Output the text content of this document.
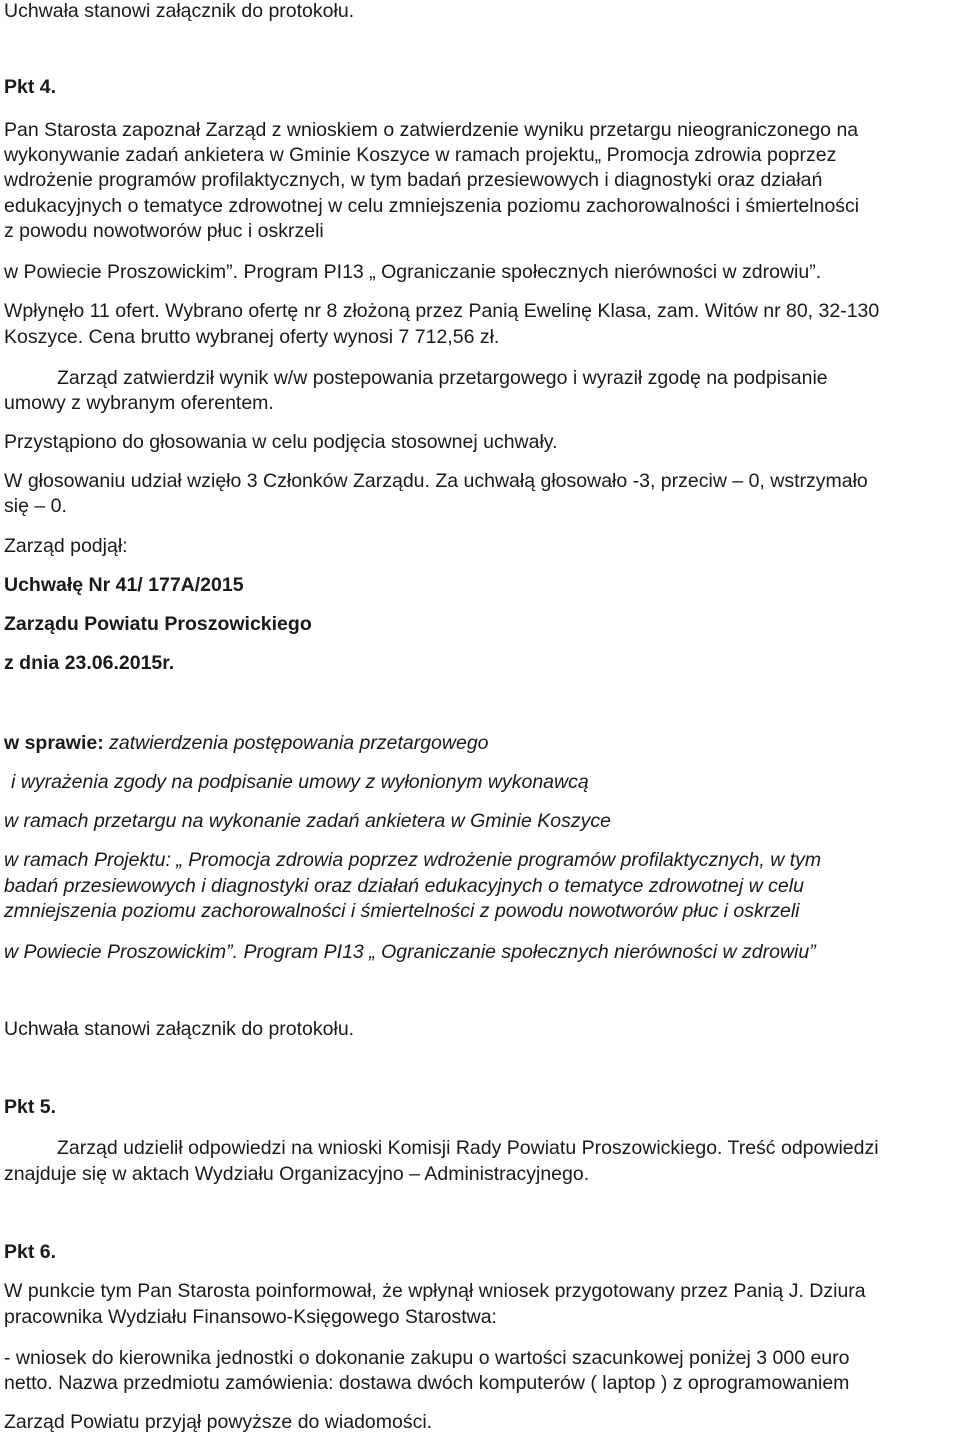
Uchwała stanowi załącznik do protokołu.
Pkt 4.
Pan Starosta zapoznał Zarząd z wnioskiem o zatwierdzenie wyniku przetargu nieograniczonego na
wykonywanie zadań ankietera w Gminie Koszyce w ramach projektu„ Promocja zdrowia poprzez
wdrożenie programów profilaktycznych, w tym badań przesiewowych i diagnostyki oraz działań
edukacyjnych o tematyce zdrowotnej w celu zmniejszenia poziomu zachorowalności i śmiertelności
z powodu nowotworów płuc i oskrzeli
w Powiecie Proszowickim”. Program PI13 „ Ograniczanie społecznych nierówności w zdrowiu”.
Wpłynęło 11 ofert. Wybrano ofertę nr 8 złożoną przez Panią Ewelinę Klasa, zam. Witów nr 80, 32-130
Koszyce. Cena brutto wybranej oferty wynosi 7 712,56 zł.
Zarząd zatwierdził wynik w/w postepowania przetargowego i wyraził zgodę na podpisanie
umowy z wybranym oferentem.
Przystąpiono do głosowania w celu podjęcia stosownej uchwały.
W głosowaniu udział wzięło 3 Członków Zarządu. Za uchwałą głosowało -3, przeciw – 0, wstrzymało
się – 0.
Zarząd podjął:
Uchwałę Nr 41/ 177A/2015
Zarządu Powiatu Proszowickiego
z dnia 23.06.2015r.
w sprawie: zatwierdzenia postępowania przetargowego
i wyrażenia zgody na podpisanie umowy z wyłonionym wykonawcą
w ramach przetargu na wykonanie zadań ankietera w Gminie Koszyce
w ramach Projektu: „ Promocja zdrowia poprzez wdrożenie programów profilaktycznych, w tym
badań przesiewowych i diagnostyki oraz działań edukacyjnych o tematyce zdrowotnej w celu
zmniejszenia poziomu zachorowalności i śmiertelności z powodu nowotworów płuc i oskrzeli
w Powiecie Proszowickim”. Program PI13 „ Ograniczanie społecznych nierówności w zdrowiu”
Uchwała stanowi załącznik do protokołu.
Pkt 5.
Zarząd udzielił odpowiedzi na wnioski Komisji Rady Powiatu Proszowickiego. Treść odpowiedzi
znajduje się w aktach Wydziału Organizacyjno – Administracyjnego.
Pkt 6.
W punkcie tym Pan Starosta poinformował, że wpłynął wniosek przygotowany przez Panią J. Dziura
pracownika Wydziału Finansowo-Księgowego Starostwa:
- wniosek do kierownika jednostki o dokonanie zakupu o wartości szacunkowej poniżej 3 000 euro
netto. Nazwa przedmiotu zamówienia: dostawa dwóch komputerów ( laptop ) z oprogramowaniem
Zarząd Powiatu przyjął powyższe do wiadomości.
